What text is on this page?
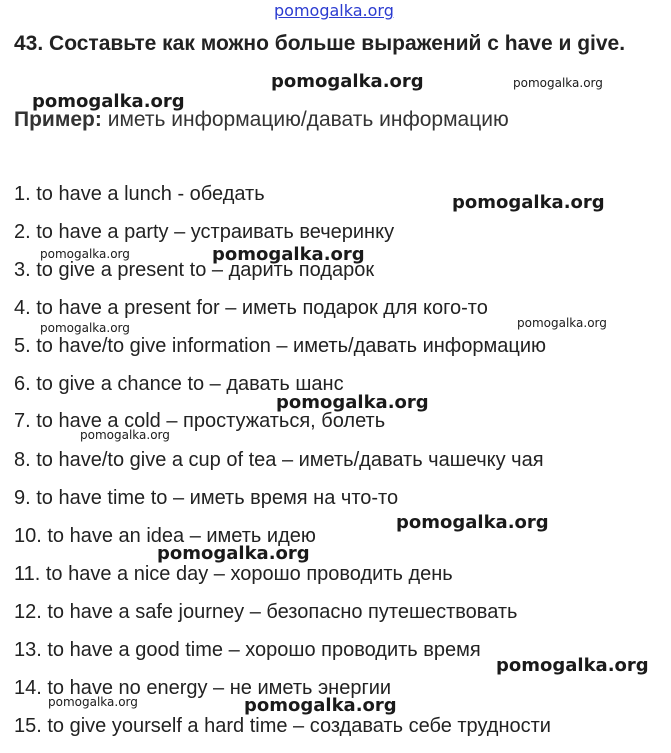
pomogalka.org
43. Составьте как можно больше выражений с have и give.
Пример: иметь информацию/давать информацию
1. to have a lunch - обедать
2. to have a party – устраивать вечеринку
3. to give a present to – дарить подарок
4. to have a present for – иметь подарок для кого-то
5. to have/to give information – иметь/давать информацию
6. to give a chance to – давать шанс
7. to have a cold – простужаться, болеть
8. to have/to give a cup of tea – иметь/давать чашечку чая
9. to have time to – иметь время на что-то
10. to have an idea – иметь идею
11. to have a nice day – хорошо проводить день
12. to have a safe journey – безопасно путешествовать
13. to have a good time – хорошо проводить время
14. to have no energy – не иметь энергии
15. to give yourself a hard time – создавать себе трудности
pomogalka.org	pomogalka.org
pomogalka.org
pomogalka.org
pomogalka.org	pomogalka.org
pomogalka.org	pomogalka.org
pomogalka.org
pomogalka.org
pomogalka.org
pomogalka.org
pomogalka.org
pomogalka.org	pomogalka.org
